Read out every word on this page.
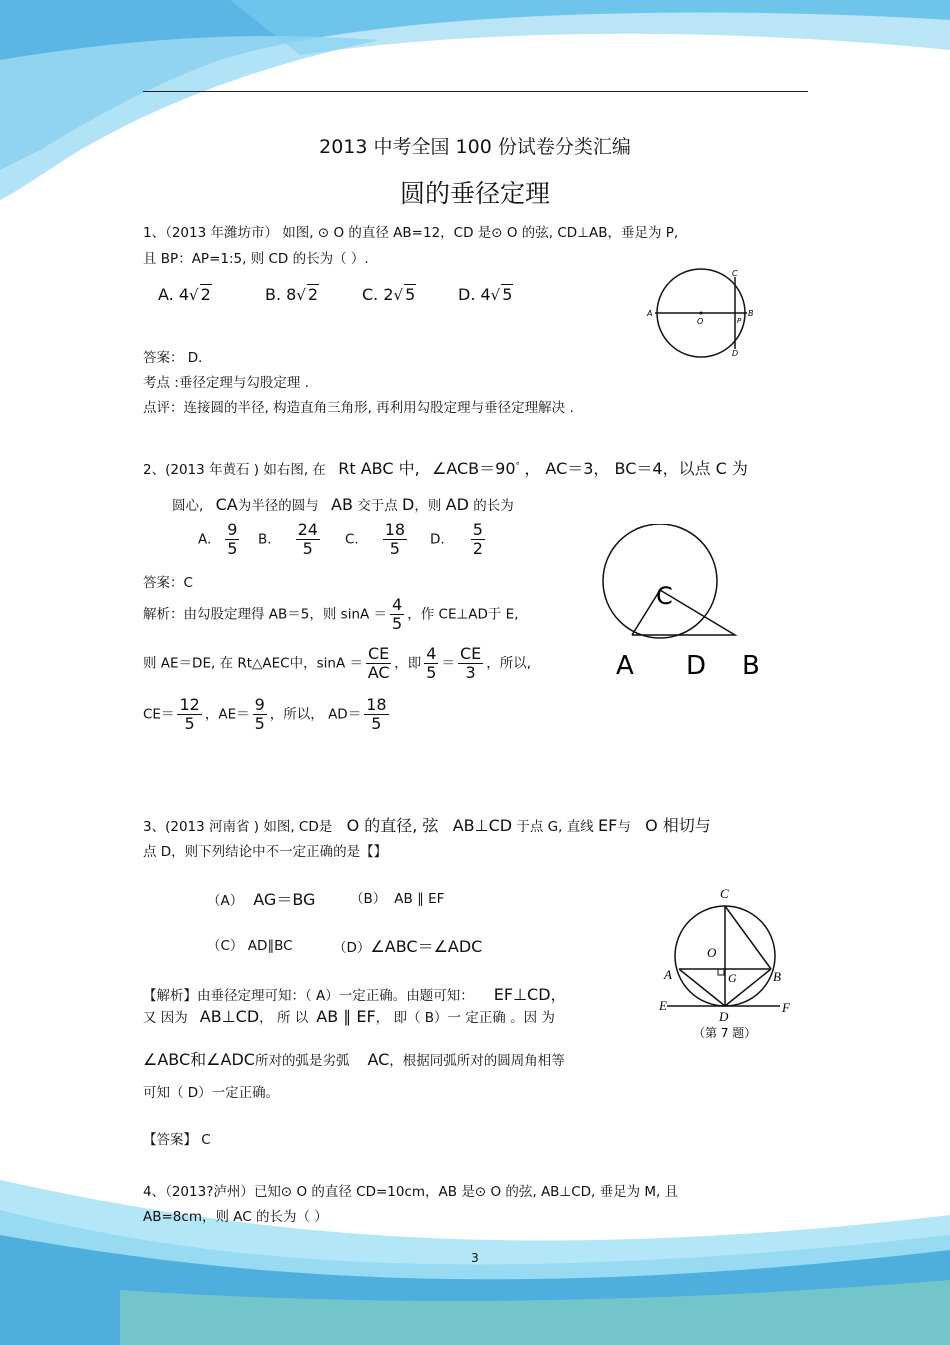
2013 中考全国 100 份试卷分类汇编
圆的垂径定理
1、（2013 年潍坊市） 如图, ⊙ O 的直径 AB=12，CD 是⊙ O 的弦, CD⊥AB，垂足为 P,
且 BP：AP=1:5, 则 CD 的长为（ ）.
A. 4√ 2	B. 8√ 2	C. 2√ 5	D. 4√ 5
A	B
C
D
O	P
答案： D．
考点 :垂径定理与勾股定理 .
点评：连接圆的半径, 构造直角三角形, 再利用勾股定理与垂径定理解决 .
2、(2013 年黄石 ) 如右图, 在 Rt ABC 中, ∠ACB＝90° ， AC＝3， BC＝4，以点 C 为
圆心, CA为半径的圆与 AB 交于点 D，则 AD 的长为
A. $\frac{9}{5} B$. $\frac{24}{5} C$. $\frac{18}{5} D$. $\frac{5}{2}$
答案：C
解析：由勾股定理得 AB＝5，则 $\sin A = \frac{4}{5}$ ，作 CE⊥AD于 E,
则 AE＝DE, 在 Rt△AEC中，$\sin A = \frac{CE}{AC}$ ，即 $\frac{4}{5} = \frac{CE}{3}$ ，所以,
$CE= \frac{12}{5}$ ，$AE= \frac{9}{5}$ ，所以， $AD= \frac{18}{5}$
C
A D B
3、(2013 河南省 ) 如图, CD是 O 的直径, 弦 AB⊥CD 于点 G, 直线 EF与 O 相切与
点 D，则下列结论中不一定正确的是【】
（A） AG＝BG	（B） AB ∥ EF
（C） AD∥BC	（D）∠ABC＝∠ADC
【解析】由垂径定理可知：（ A）一定正确。由题可知： EF⊥CD，
又 因为 AB⊥CD， 所 以 AB ∥ EF， 即（ B）一 定正确 。因 为
∠ABC和∠ADC所对的弧是劣弧 AC，根据同弧所对的圆周角相等
可知（ D）一定正确。
【答案】 C
C
O
A	B
G
E	F
D
（第 7 题）
4、（2013?泸州）已知⊙ O 的直径 CD=10cm，AB 是⊙ O 的弦, AB⊥CD, 垂足为 M, 且
AB=8cm，则 AC 的长为（ ）
3
